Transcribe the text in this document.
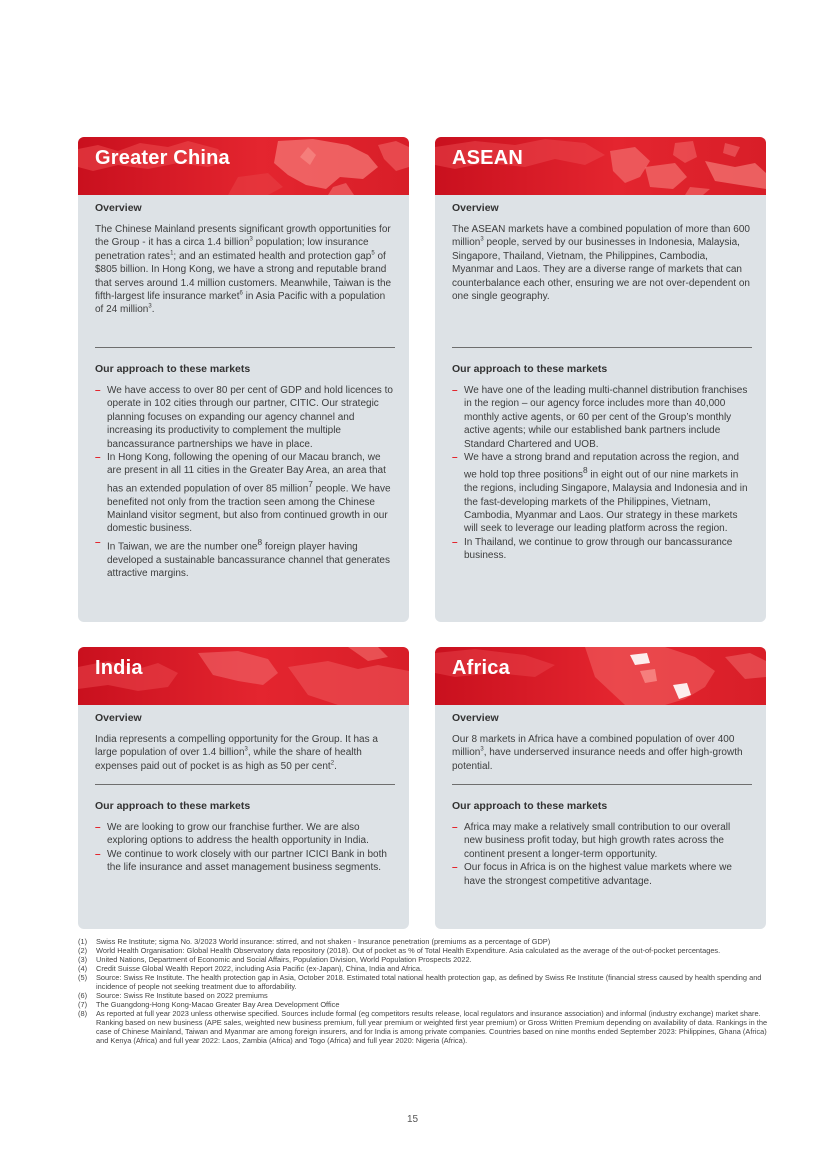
Greater China
Overview

The Chinese Mainland presents significant growth opportunities for the Group - it has a circa 1.4 billion$^3$ population; low insurance penetration rates$^1$; and an estimated health and protection gap$^5$ of $805 billion. In Hong Kong, we have a strong and reputable brand that serves around 1.4 million customers. Meanwhile, Taiwan is the fifth-largest life insurance market$^6$ in Asia Pacific with a population of 24 million$^3$.

Our approach to these markets
– We have access to over 80 per cent of GDP and hold licences to operate in 102 cities through our partner, CITIC. Our strategic planning focuses on expanding our agency channel and increasing its productivity to complement the multiple bancassurance partnerships we have in place.
– In Hong Kong, following the opening of our Macau branch, we are present in all 11 cities in the Greater Bay Area, an area that has an extended population of over 85 million$^7$ people. We have benefited not only from the traction seen among the Chinese Mainland visitor segment, but also from continued growth in our domestic business.
– In Taiwan, we are the number one$^8$ foreign player having developed a sustainable bancassurance channel that generates attractive margins.
ASEAN
Overview

The ASEAN markets have a combined population of more than 600 million$^3$ people, served by our businesses in Indonesia, Malaysia, Singapore, Thailand, Vietnam, the Philippines, Cambodia, Myanmar and Laos. They are a diverse range of markets that can counterbalance each other, ensuring we are not over-dependent on one single geography.

Our approach to these markets
– We have one of the leading multi-channel distribution franchises in the region – our agency force includes more than 40,000 monthly active agents, or 60 per cent of the Group’s monthly active agents; while our established bank partners include Standard Chartered and UOB.
– We have a strong brand and reputation across the region, and we hold top three positions$^8$ in eight out of our nine markets in the regions, including Singapore, Malaysia and Indonesia and in the fast-developing markets of the Philippines, Vietnam, Cambodia, Myanmar and Laos. Our strategy in these markets will seek to leverage our leading platform across the region.
– In Thailand, we continue to grow through our bancassurance business.
India
Overview

India represents a compelling opportunity for the Group. It has a large population of over 1.4 billion$^3$, while the share of health expenses paid out of pocket is as high as 50 per cent$^2$.

Our approach to these markets
– We are looking to grow our franchise further. We are also exploring options to address the health opportunity in India.
– We continue to work closely with our partner ICICI Bank in both the life insurance and asset management business segments.
Africa
Overview

Our 8 markets in Africa have a combined population of over 400 million$^3$, have underserved insurance needs and offer high-growth potential.

Our approach to these markets
– Africa may make a relatively small contribution to our overall new business profit today, but high growth rates across the continent present a longer-term opportunity.
– Our focus in Africa is on the highest value markets where we have the strongest competitive advantage.
(1) Swiss Re Institute; sigma No. 3/2023 World insurance: stirred, and not shaken - Insurance penetration (premiums as a percentage of GDP)
(2) World Health Organisation: Global Health Observatory data repository (2018). Out of pocket as % of Total Health Expenditure. Asia calculated as the average of the out-of-pocket percentages.
(3) United Nations, Department of Economic and Social Affairs, Population Division, World Population Prospects 2022.
(4) Credit Suisse Global Wealth Report 2022, including Asia Pacific (ex-Japan), China, India and Africa.
(5) Source: Swiss Re Institute. The health protection gap in Asia, October 2018. Estimated total national health protection gap, as defined by Swiss Re Institute (financial stress caused by health spending and incidence of people not seeking treatment due to affordability.
(6) Source: Swiss Re Institute based on 2022 premiums
(7) The Guangdong-Hong Kong-Macao Greater Bay Area Development Office
(8) As reported at full year 2023 unless otherwise specified. Sources include formal (eg competitors results release, local regulators and insurance association) and informal (industry exchange) market share. Ranking based on new business (APE sales, weighted new business premium, full year premium or weighted first year premium) or Gross Written Premium depending on availability of data. Rankings in the case of Chinese Mainland, Taiwan and Myanmar are among foreign insurers, and for India is among private companies. Countries based on nine months ended September 2023: Philippines, Ghana (Africa) and Kenya (Africa) and full year 2022: Laos, Zambia (Africa) and Togo (Africa) and full year 2020: Nigeria (Africa).
15
